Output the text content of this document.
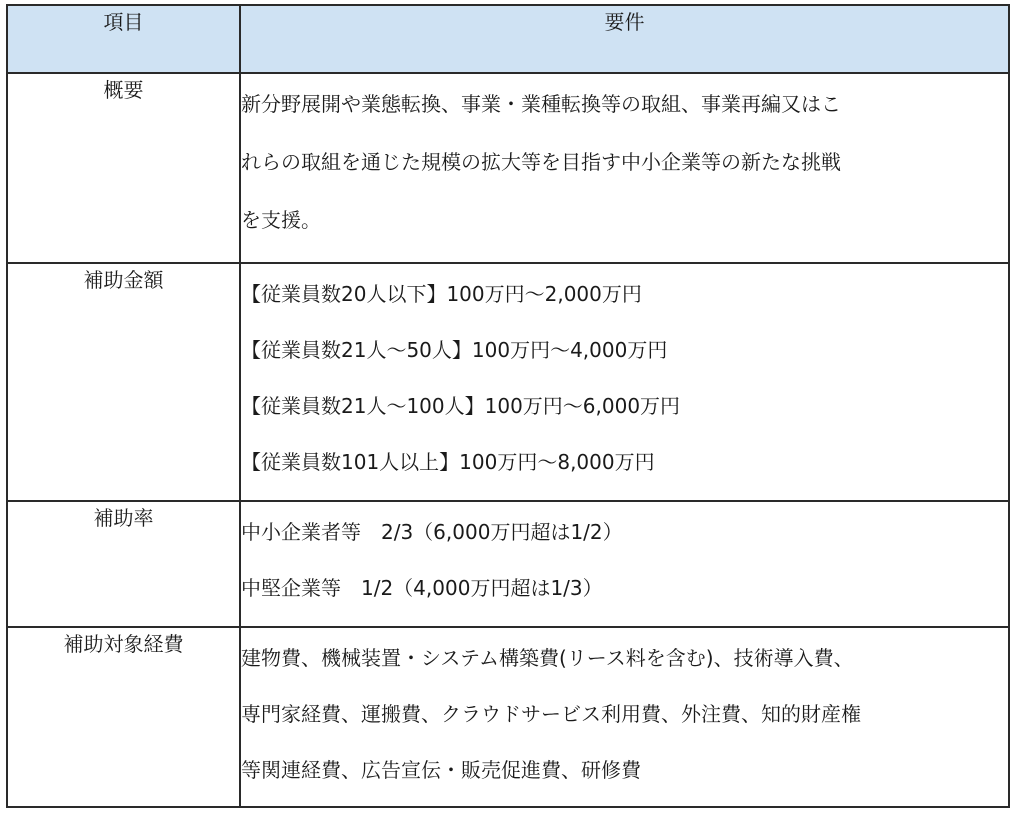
項目	要件
概要	新分野展開や業態転換、事業・業種転換等の取組、事業再編又はこ
れらの取組を通じた規模の拡大等を目指す中小企業等の新たな挑戦
を支援。

補助金額	【従業員数20人以下】100万円～2,000万円
【従業員数21人～50人】100万円～4,000万円
【従業員数21人～100人】100万円～6,000万円
【従業員数101人以上】100万円～8,000万円

補助率	中小企業者等　2/3（6,000万円超は1/2）
中堅企業等　1/2（4,000万円超は1/3）

補助対象経費	建物費、機械装置・システム構築費(リース料を含む)、技術導入費、
専門家経費、運搬費、クラウドサービス利用費、外注費、知的財産権
等関連経費、広告宣伝・販売促進費、研修費
